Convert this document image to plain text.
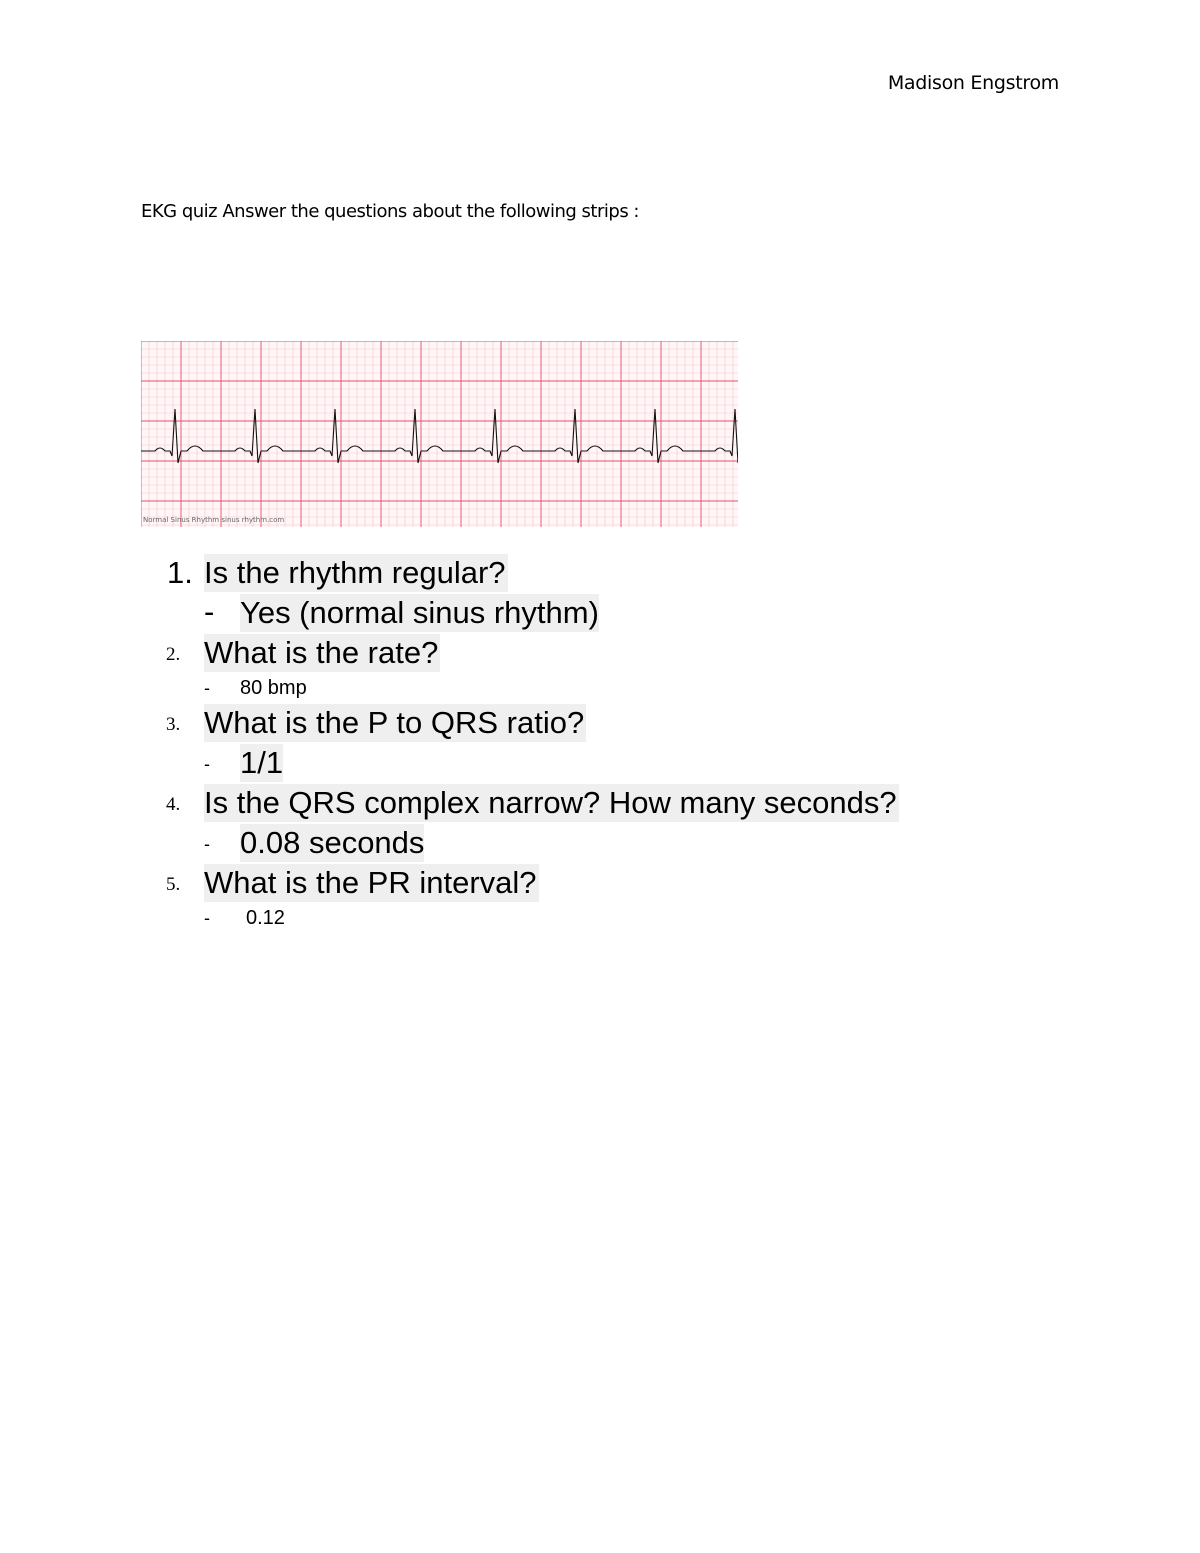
Madison Engstrom
EKG quiz Answer the questions about the following strips :
Normal Sinus Rhythm sinus rhythm.com
1. Is the rhythm regular?
- Yes (normal sinus rhythm)
2. What is the rate?
- 80 bmp
3. What is the P to QRS ratio?
- 1/1
4. Is the QRS complex narrow? How many seconds?
- 0.08 seconds
5. What is the PR interval?
- 0.12
